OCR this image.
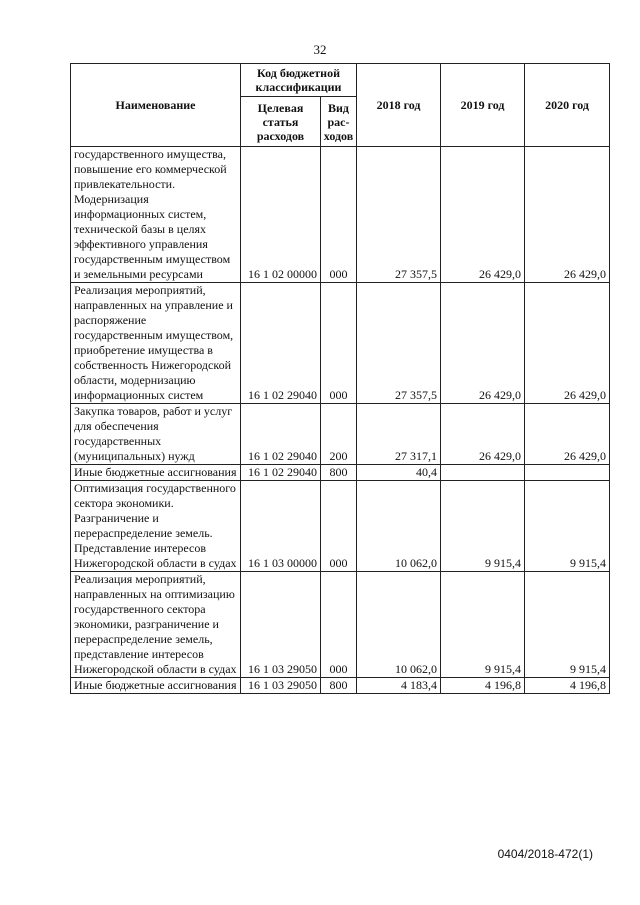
32
Наименование	Код бюджетной классификации		2018 год	2019 год	2020 год
	Целевая статья расходов	Вид рас-ходов			
государственного имущества, повышение его коммерческой привлекательности. Модернизация информационных систем, технической базы в целях эффективного управления государственным имуществом и земельными ресурсами	16 1 02 00000	000	27 357,5	26 429,0	26 429,0
Реализация мероприятий, направленных на управление и распоряжение государственным имуществом, приобретение имущества в собственность Нижегородской области, модернизацию информационных систем	16 1 02 29040	000	27 357,5	26 429,0	26 429,0
Закупка товаров, работ и услуг для обеспечения государственных (муниципальных) нужд	16 1 02 29040	200	27 317,1	26 429,0	26 429,0
Иные бюджетные ассигнования	16 1 02 29040	800	40,4		
Оптимизация государственного сектора экономики. Разграничение и перераспределение земель. Представление интересов Нижегородской области в судах	16 1 03 00000	000	10 062,0	9 915,4	9 915,4
Реализация мероприятий, направленных на оптимизацию государственного сектора экономики, разграничение и перераспределение земель, представление интересов Нижегородской области в судах	16 1 03 29050	000	10 062,0	9 915,4	9 915,4
Иные бюджетные ассигнования	16 1 03 29050	800	4 183,4	4 196,8	4 196,8
0404/2018-472(1)
